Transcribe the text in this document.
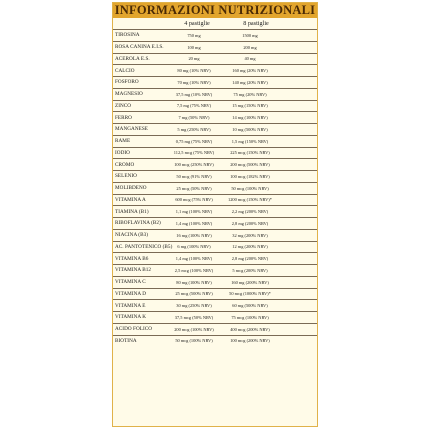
INFORMAZIONI NUTRIZIONALI
4 pastiglie	8 pastiglie
TIROSINA	750 mg	1500 mg
ROSA CANINA E.I.S.	100 mg	200 mg
ACEROLA E.S.	20 mg	40 mg
CALCIO	80 mg (10% NRV)	160 mg (20% NRV)
FOSFORO	70 mg (10% NRV)	140 mg (20% NRV)
MAGNESIO	37,5 mg (10% NRV)	75 mg (20% NRV)
ZINCO	7,5 mg (75% NRV)	15 mg (150% NRV)
FERRO	7 mg (50% NRV)	14 mg (100% NRV)
MANGANESE	5 mg (250% NRV)	10 mg (500% NRV)
RAME	0,75 mg (75% NRV)	1,5 mg (150% NRV)
IODIO	112,5 mcg (75% NRV)	225 mcg (150% NRV)
CROMO	100 mcg (250% NRV)	200 mcg (500% NRV)
SELENIO	50 mcg (91% NRV)	100 mcg (182% NRV)
MOLIBDENO	25 mcg (50% NRV)	50 mcg (100% NRV)
VITAMINA A	600 mcg (75% NRV)	1200 mcg (150% NRV)*
TIAMINA (B1)	1,1 mg (100% NRV)	2,2 mg (200% NRV)
RIBOFLAVINA (B2)	1,4 mg (100% NRV)	2,8 mg (200% NRV)
NIACINA (B3)	16 mg (100% NRV)	32 mg (200% NRV)
AC. PANTOTENICO (B5)	6 mg (100% NRV)	12 mg (200% NRV)
VITAMINA B6	1,4 mg (100% NRV)	2,8 mg (200% NRV)
VITAMINA B12	2,5 mcg (100% NRV)	5 mcg (200% NRV)
VITAMINA C	80 mg (100% NRV)	160 mg (200% NRV)
VITAMINA D	25 mcg (500% NRV)	50 mcg (1000% NRV)*
VITAMINA E	30 mg (250% NRV)	60 mg (500% NRV)
VITAMINA K	37,5 mcg (50% NRV)	75 mcg (100% NRV)
ACIDO FOLICO	200 mcg (100% NRV)	400 mcg (200% NRV)
BIOTINA	50 mcg (100% NRV)	100 mcg (200% NRV)
